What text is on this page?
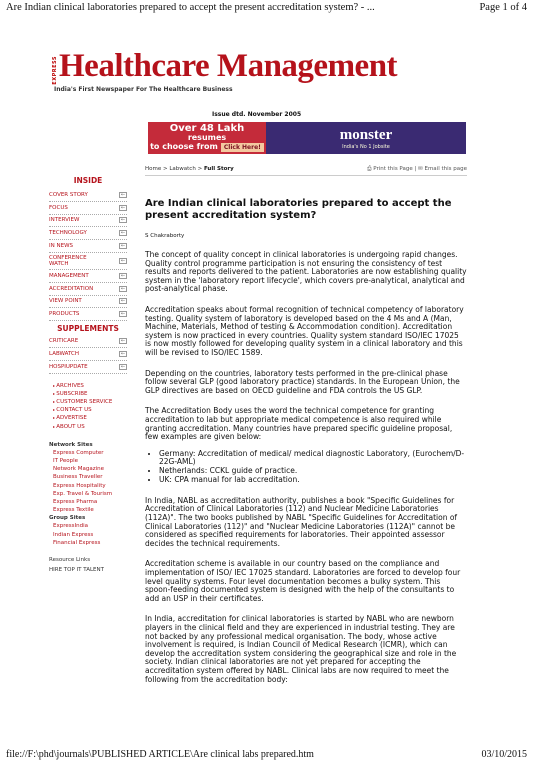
Are Indian clinical laboratories prepared to accept the present accreditation system? - ...	Page 1 of 4
EXPRESS Healthcare Management
India's First Newspaper For The Healthcare Business
Issue dtd. November 2005
Over 48 Lakh
resumes
to choose from Click Here!
monster
India's No 1 Jobsite
INSIDE
COVER STORY	←
FOCUS	←
INTERVIEW	←
TECHNOLOGY	←
IN NEWS	←
CONFERENCE WATCH	←
MANAGEMENT	←
ACCREDITATION	←
VIEW POINT	←
PRODUCTS	←
SUPPLEMENTS
CRITICARE	←
LABWATCH	←
HOSPIUPDATE	←
▸ ARCHIVES
▸ SUBSCRIBE
▸ CUSTOMER SERVICE
▸ CONTACT US
▸ ADVERTISE
▸ ABOUT US
Network Sites
Express Computer
IT People
Network Magazine
Business Traveller
Express Hospitality
Exp. Travel & Tourism
Express Pharma
Express Textile
Group Sites
ExpressIndia
Indian Express
Financial Express
Resource Links
HIRE TOP IT TALENT
Home > Labwatch > Full Story	⎙ Print this Page | ✉ Email this page
Are Indian clinical laboratories prepared to accept the present accreditation system?
S Chakraborty

The concept of quality concept in clinical laboratories is undergoing rapid changes. Quality control programme participation is not ensuring the consistency of test results and reports delivered to the patient. Laboratories are now establishing quality system in the 'laboratory report lifecycle', which covers pre-analytical, analytical and post-analytical phase.

Accreditation speaks about formal recognition of technical competency of laboratory testing. Quality system of laboratory is developed based on the 4 Ms and A (Man, Machine, Materials, Method of testing & Accommodation condition). Accreditation system is now practiced in every countries. Quality system standard ISO/IEC 17025 is now mostly followed for developing quality system in a clinical laboratory and this will be revised to ISO/IEC 1589.

Depending on the countries, laboratory tests performed in the pre-clinical phase follow several GLP (good laboratory practice) standards. In the European Union, the GLP directives are based on OECD guideline and FDA controls the US GLP.

The Accreditation Body uses the word the technical competence for granting accreditation to lab but appropriate medical competence is also required while granting accreditation. Many countries have prepared specific guideline proposal, few examples are given below:

• Germany: Accreditation of medical/ medical diagnostic Laboratory, (Eurochem/D-22G-AML)
• Netherlands: CCKL guide of practice.
• UK: CPA manual for lab accreditation.

In India, NABL as accreditation authority, publishes a book "Specific Guidelines for Accreditation of Clinical Laboratories (112) and Nuclear Medicine Laboratories (112A)". The two books published by NABL "Specific Guidelines for Accreditation of Clinical Laboratories (112)" and "Nuclear Medicine Laboratories (112A)" cannot be considered as specified requirements for laboratories. Their appointed assessor decides the technical requirements.

Accreditation scheme is available in our country based on the compliance and implementation of ISO/ IEC 17025 standard. Laboratories are forced to develop four level quality systems. Four level documentation becomes a bulky system. This spoon-feeding documented system is designed with the help of the consultants to add an USP in their certificates.

In India, accreditation for clinical laboratories is started by NABL who are newborn players in the clinical field and they are experienced in industrial testing. They are not backed by any professional medical organisation. The body, whose active involvement is required, is Indian Council of Medical Research (ICMR), which can develop the accreditation system considering the geographical size and role in the society. Indian clinical laboratories are not yet prepared for accepting the accreditation system offered by NABL. Clinical labs are now required to meet the following from the accreditation body:

file://F:\phd\journals\PUBLISHED ARTICLE\Are clinical labs prepared.htm	03/10/2015
